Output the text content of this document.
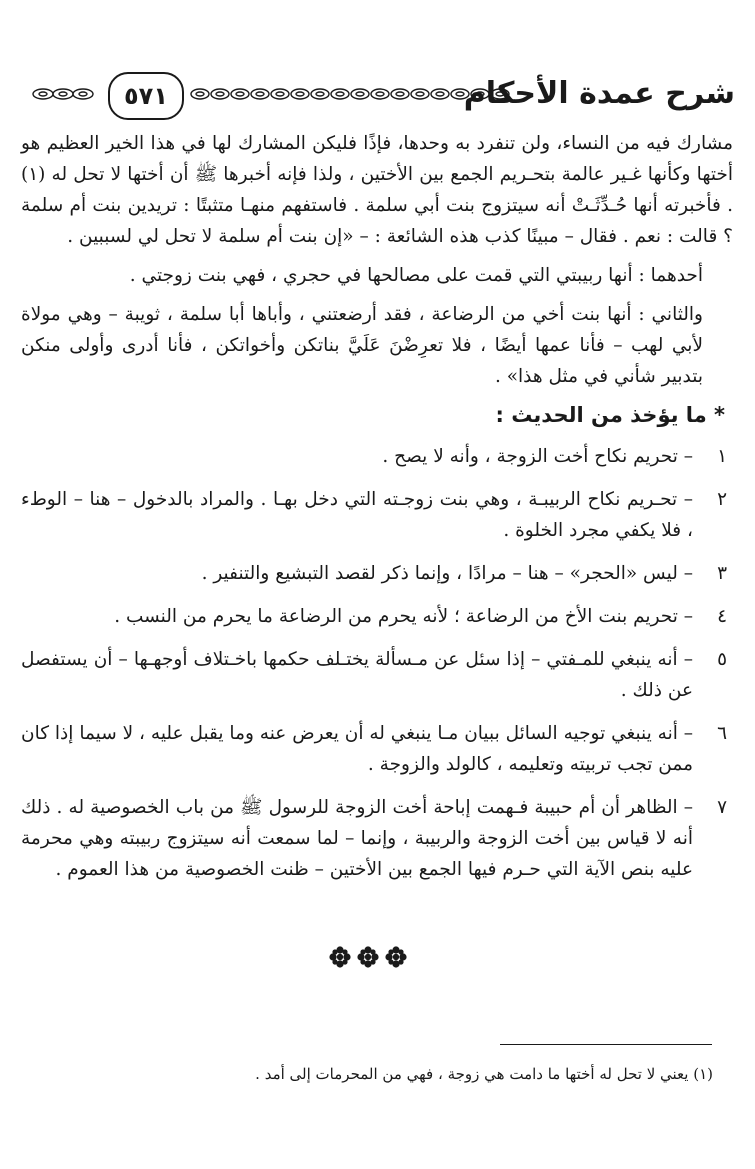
شرح عمدة الأحكام
٥٧١

مشارك فيه من النساء، ولن تنفرد به وحدها، فإذًا فليكن المشارك لها في هذا الخير العظيم هو أختها وكأنها غـير عالمة بتحـريم الجمع بين الأختين ، ولذا فإنه أخبرها ﷺ أن أختها لا تحل له (١) . فأخبرته أنها حُـدِّثَـتْ أنه سيتزوج بنت أبي سلمة . فاستفهم منهـا متثبتًا : تريدين بنت أم سلمة ؟ قالت : نعم . فقال – مبينًا كذب هذه الشائعة : – «إن بنت أم سلمة لا تحل لي لسببين .

أحدهما : أنها ربيبتي التي قمت على مصالحها في حجري ، فهي بنت زوجتي .

والثاني : أنها بنت أخي من الرضاعة ، فقد أرضعتني ، وأباها أبا سلمة ، ثويبة – وهي مولاة لأبي لهب – فأنا عمها أيضًا ، فلا تعرِضْنَ عَلَيَّ بناتكن وأخواتكن ، فأنا أدرى وأولى منكن بتدبير شأني في مثل هذا» .

* ما يؤخذ من الحديث :
١
– تحريم نكاح أخت الزوجة ، وأنه لا يصح .
٢
– تحـريم نكاح الربيبـة ، وهي بنت زوجـته التي دخل بهـا . والمراد بالدخول – هنا – الوطء ، فلا يكفي مجرد الخلوة .
٣
– ليس «الحجر» – هنا – مرادًا ، وإنما ذكر لقصد التبشيع والتنفير .
٤
– تحريم بنت الأخ من الرضاعة ؛ لأنه يحرم من الرضاعة ما يحرم من النسب .
٥
– أنه ينبغي للمـفتي – إذا سئل عن مـسألة يختـلف حكمها باخـتلاف أوجهـها – أن يستفصل عن ذلك .
٦
– أنه ينبغي توجيه السائل ببيان مـا ينبغي له أن يعرض عنه وما يقبل عليه ، لا سيما إذا كان ممن تجب تربيته وتعليمه ، كالولد والزوجة .
٧
– الظاهر أن أم حبيبة فـهمت إباحة أخت الزوجة للرسول ﷺ من باب الخصوصية له . ذلك أنه لا قياس بين أخت الزوجة والربيبة ، وإنما – لما سمعت أنه سيتزوج ربيبته وهي محرمة عليه بنص الآية التي حـرم فيها الجمع بين الأختين – ظنت الخصوصية من هذا العموم .
(١) يعني لا تحل له أختها ما دامت هي زوجة ، فهي من المحرمات إلى أمد .
